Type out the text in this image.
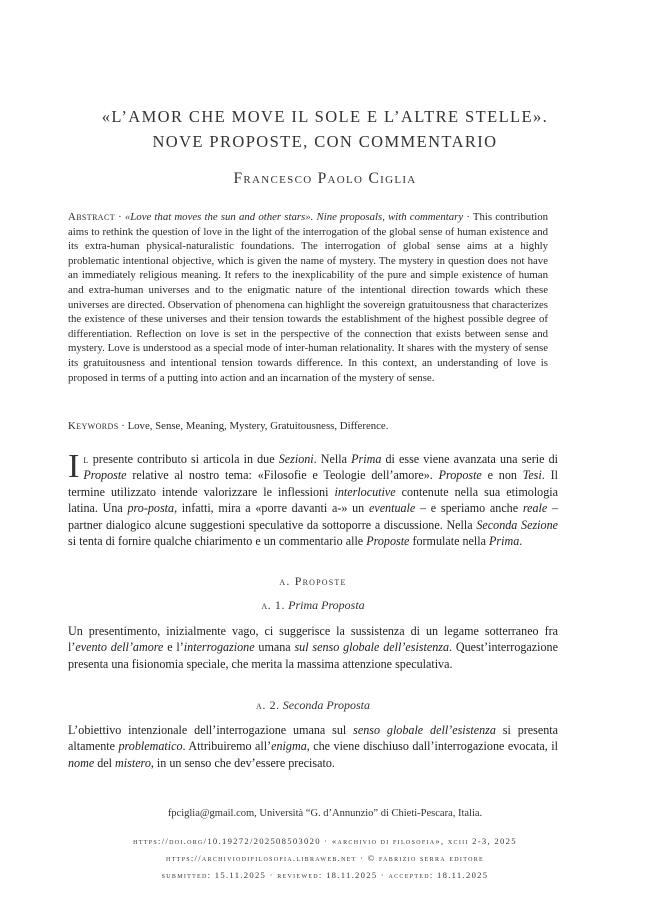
«L’AMOR CHE MOVE IL SOLE E L’ALTRE STELLE».
NOVE PROPOSTE, CON COMMENTARIO
Francesco Paolo Ciglia
Abstract · «Love that moves the sun and other stars». Nine proposals, with commentary · This contribution aims to rethink the question of love in the light of the interrogation of the global sense of human existence and its extra-human physical-naturalistic foundations. The interrogation of global sense aims at a highly problematic intentional objective, which is given the name of mystery. The mystery in question does not have an immediately religious meaning. It refers to the inexplicability of the pure and simple existence of human and extra-human universes and to the enigmatic nature of the intentional direction towards which these universes are directed. Observation of phenomena can highlight the sovereign gratuitousness that characterizes the existence of these universes and their tension towards the establishment of the highest possible degree of differentiation. Reflection on love is set in the perspective of the connection that exists between sense and mystery. Love is understood as a special mode of inter-human relationality. It shares with the mystery of sense its gratuitousness and intentional tension towards difference. In this context, an understanding of love is proposed in terms of a putting into action and an incarnation of the mystery of sense.
Keywords · Love, Sense, Meaning, Mystery, Gratuitousness, Difference.
Il presente contributo si articola in due Sezioni. Nella Prima di esse viene avanzata una serie di Proposte relative al nostro tema: «Filosofie e Teologie dell’amore». Proposte e non Tesi. Il termine utilizzato intende valorizzare le inflessioni interlocutive contenute nella sua etimologia latina. Una pro-posta, infatti, mira a «porre davanti a-» un eventuale – e speriamo anche reale – partner dialogico alcune suggestioni speculative da sottoporre a discussione. Nella Seconda Sezione si tenta di fornire qualche chiarimento e un commentario alle Proposte formulate nella Prima.
a. Proposte
a. 1. Prima Proposta
Un presentimento, inizialmente vago, ci suggerisce la sussistenza di un legame sotterraneo fra l’evento dell’amore e l’interrogazione umana sul senso globale dell’esistenza. Quest’interrogazione presenta una fisionomia speciale, che merita la massima attenzione speculativa.
a. 2. Seconda Proposta
L’obiettivo intenzionale dell’interrogazione umana sul senso globale dell’esistenza si presenta altamente problematico. Attribuiremo all’enigma, che viene dischiuso dall’interrogazione evocata, il nome del mistero, in un senso che dev’essere precisato.
fpciglia@gmail.com, Università “G. d’Annunzio” di Chieti-Pescara, Italia.
https://doi.org/10.19272/202508503020 · «archivio di filosofia», xciii 2-3, 2025
https://archiviodifilosofia.libraweb.net · © fabrizio serra editore
submitted: 15.11.2025 · reviewed: 18.11.2025 · accepted: 18.11.2025
